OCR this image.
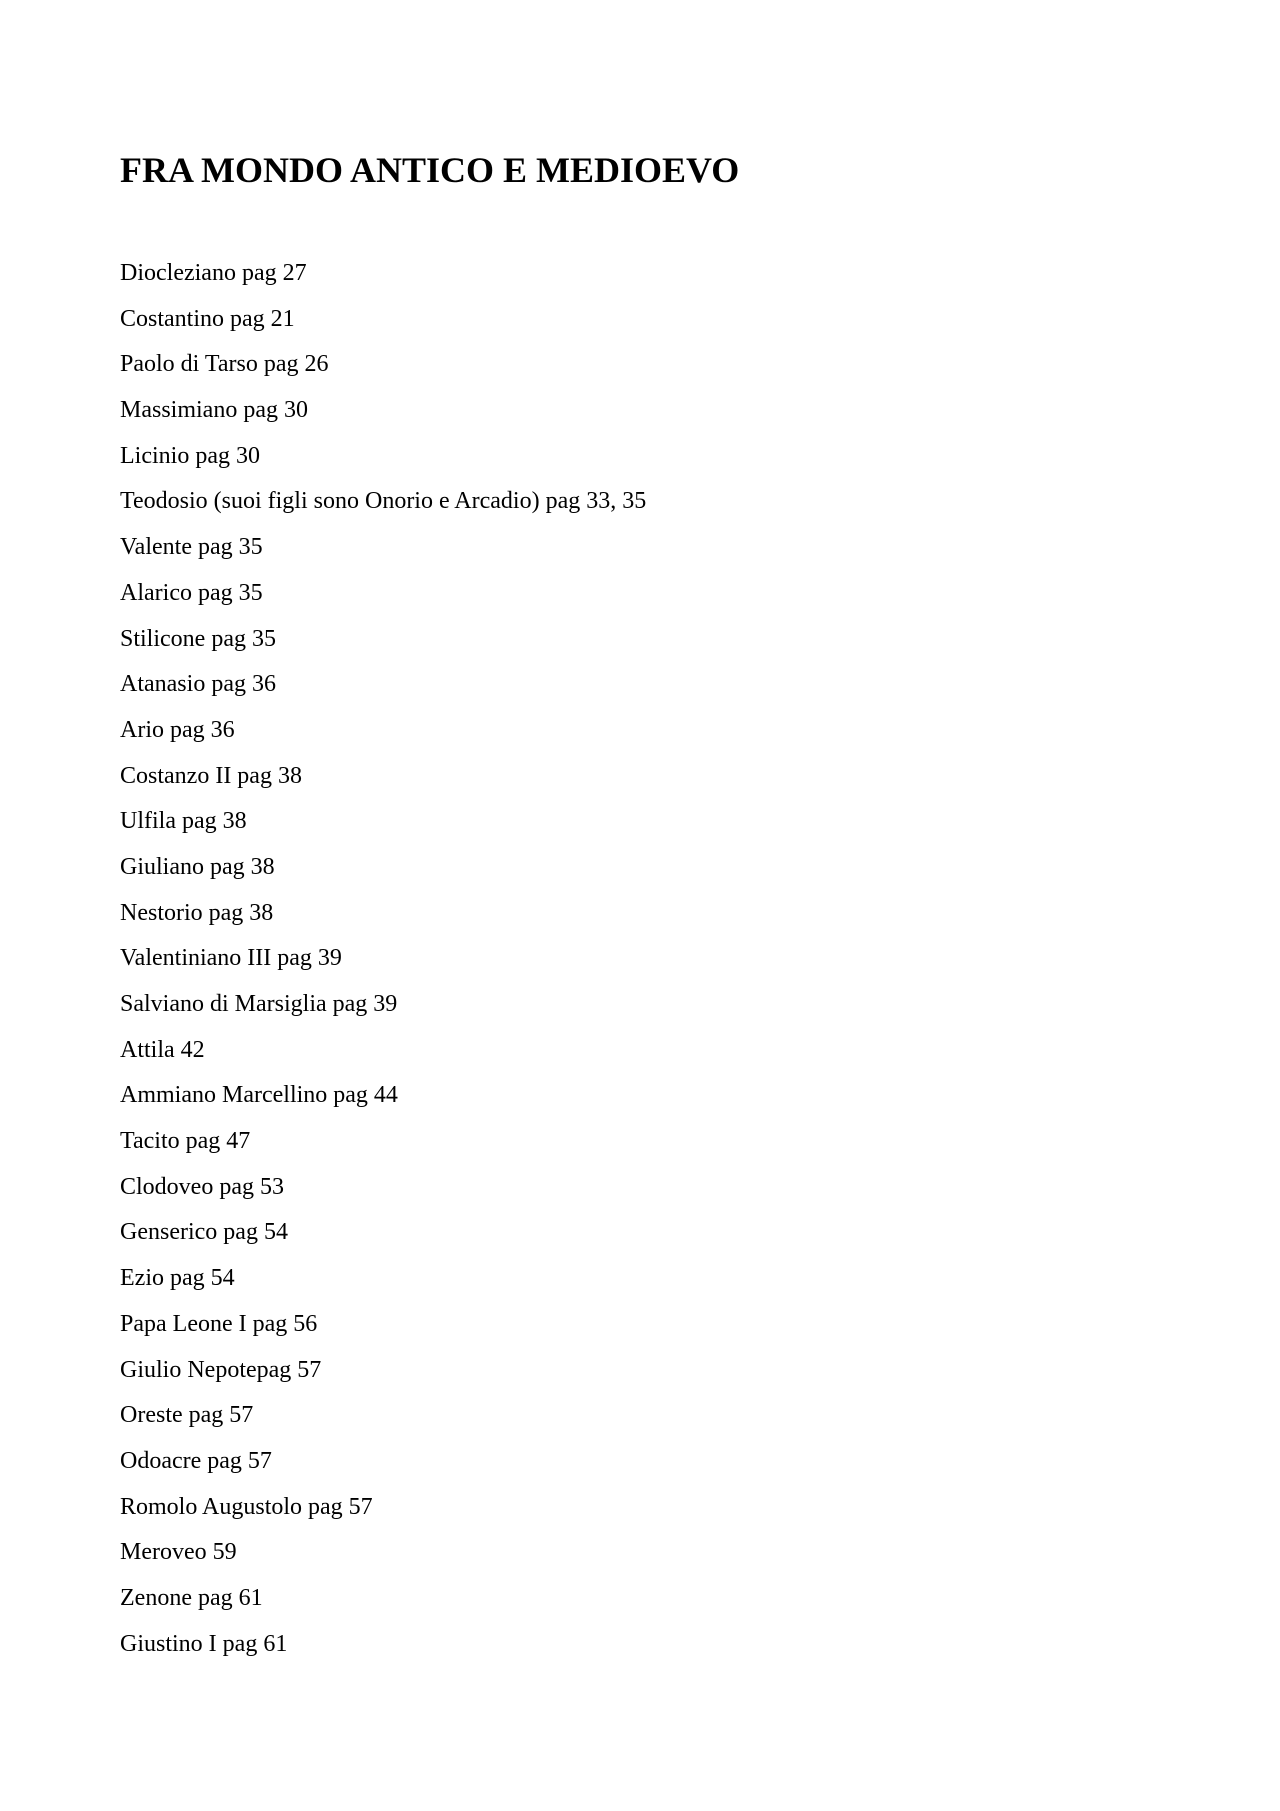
FRA MONDO ANTICO E MEDIOEVO
Diocleziano pag 27
Costantino pag 21
Paolo di Tarso pag 26
Massimiano pag 30
Licinio pag 30
Teodosio (suoi figli sono Onorio e Arcadio) pag 33, 35
Valente pag 35
Alarico pag 35
Stilicone pag 35
Atanasio pag 36
Ario pag 36
Costanzo II pag 38
Ulfila pag 38
Giuliano pag 38
Nestorio pag 38
Valentiniano III pag 39
Salviano di Marsiglia pag 39
Attila 42
Ammiano Marcellino pag 44
Tacito pag 47
Clodoveo pag 53
Genserico pag 54
Ezio pag 54
Papa Leone I pag 56
Giulio Nepotepag 57
Oreste pag 57
Odoacre pag 57
Romolo Augustolo pag 57
Meroveo 59
Zenone pag 61
Giustino I pag 61
